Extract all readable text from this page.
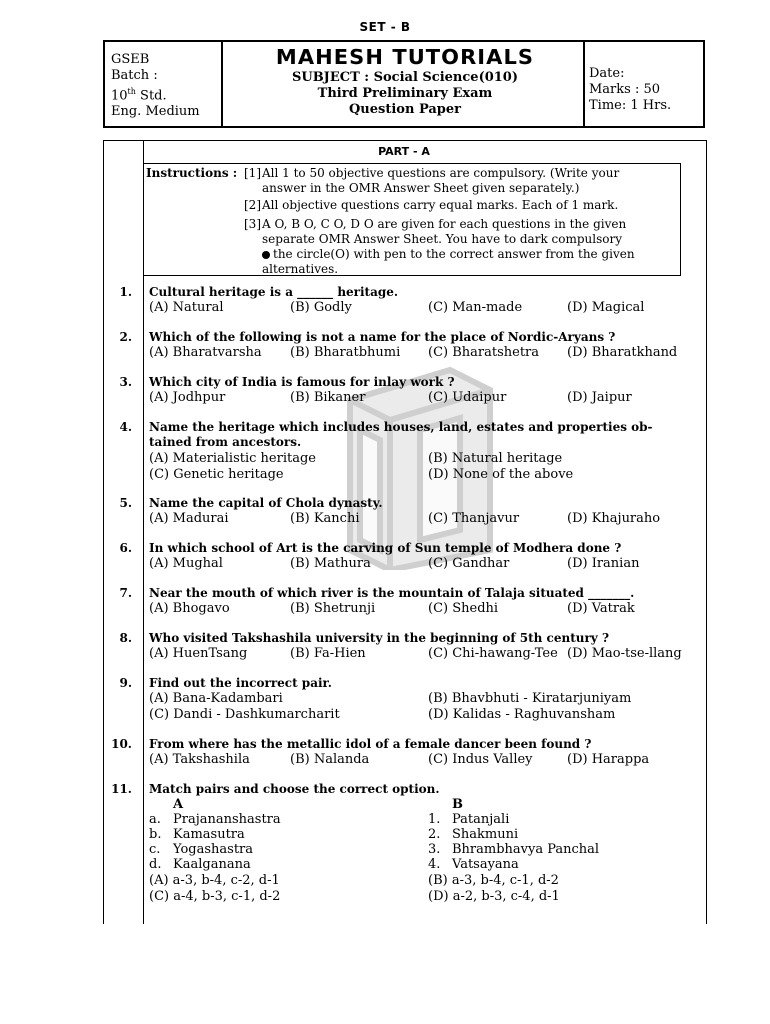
SET - B
GSEB
Batch :
10th Std.
Eng. Medium
MAHESH TUTORIALS
SUBJECT : Social Science(010)
Third Preliminary Exam
Question Paper
Date:
Marks : 50
Time: 1 Hrs.
PART - A
Instructions : [1] All 1 to 50 objective questions are compulsory. (Write your
answer in the OMR Answer Sheet given separately.)
[2] All objective questions carry equal marks. Each of 1 mark.
[3] A O, B O, C O, D O are given for each questions in the given
separate OMR Answer Sheet. You have to dark compulsory
the circle(O) with pen to the correct answer from the given
alternatives.
1. Cultural heritage is a ______ heritage.
(A) Natural	(B) Godly	(C) Man-made	(D) Magical
2. Which of the following is not a name for the place of Nordic-Aryans ?
(A) Bharatvarsha (B) Bharatbhumi (C) Bharatshetra (D) Bharatkhand
3. Which city of India is famous for inlay work ?
(A) Jodhpur	(B) Bikaner	(C) Udaipur	(D) Jaipur
4. Name the heritage which includes houses, land, estates and properties ob-
tained from ancestors.
(A) Materialistic heritage	(B) Natural heritage
(C) Genetic heritage	(D) None of the above
5. Name the capital of Chola dynasty.
(A) Madurai	(B) Kanchi	(C) Thanjavur	(D) Khajuraho
6. In which school of Art is the carving of Sun temple of Modhera done ?
(A) Mughal	(B) Mathura	(C) Gandhar	(D) Iranian
7. Near the mouth of which river is the mountain of Talaja situated _______.
(A) Bhogavo	(B) Shetrunji	(C) Shedhi	(D) Vatrak
8. Who visited Takshashila university in the beginning of 5th century ?
(A) HuenTsang	(B) Fa-Hien	(C) Chi-hawang-Tee (D) Mao-tse-llang
9. Find out the incorrect pair.
(A) Bana-Kadambari	(B) Bhavbhuti - Kiratarjuniyam
(C) Dandi - Dashkumarcharit	(D) Kalidas - Raghuvansham
10. From where has the metallic idol of a female dancer been found ?
(A) Takshashila	(B) Nalanda	(C) Indus Valley	(D) Harappa
11. Match pairs and choose the correct option.
A	B
a. Prajananshastra	1. Patanjali
b. Kamasutra	2. Shakmuni
c. Yogashastra	3. Bhrambhavya Panchal
d. Kaalganana	4. Vatsayana
(A) a-3, b-4, c-2, d-1	(B) a-3, b-4, c-1, d-2
(C) a-4, b-3, c-1, d-2	(D) a-2, b-3, c-4, d-1
